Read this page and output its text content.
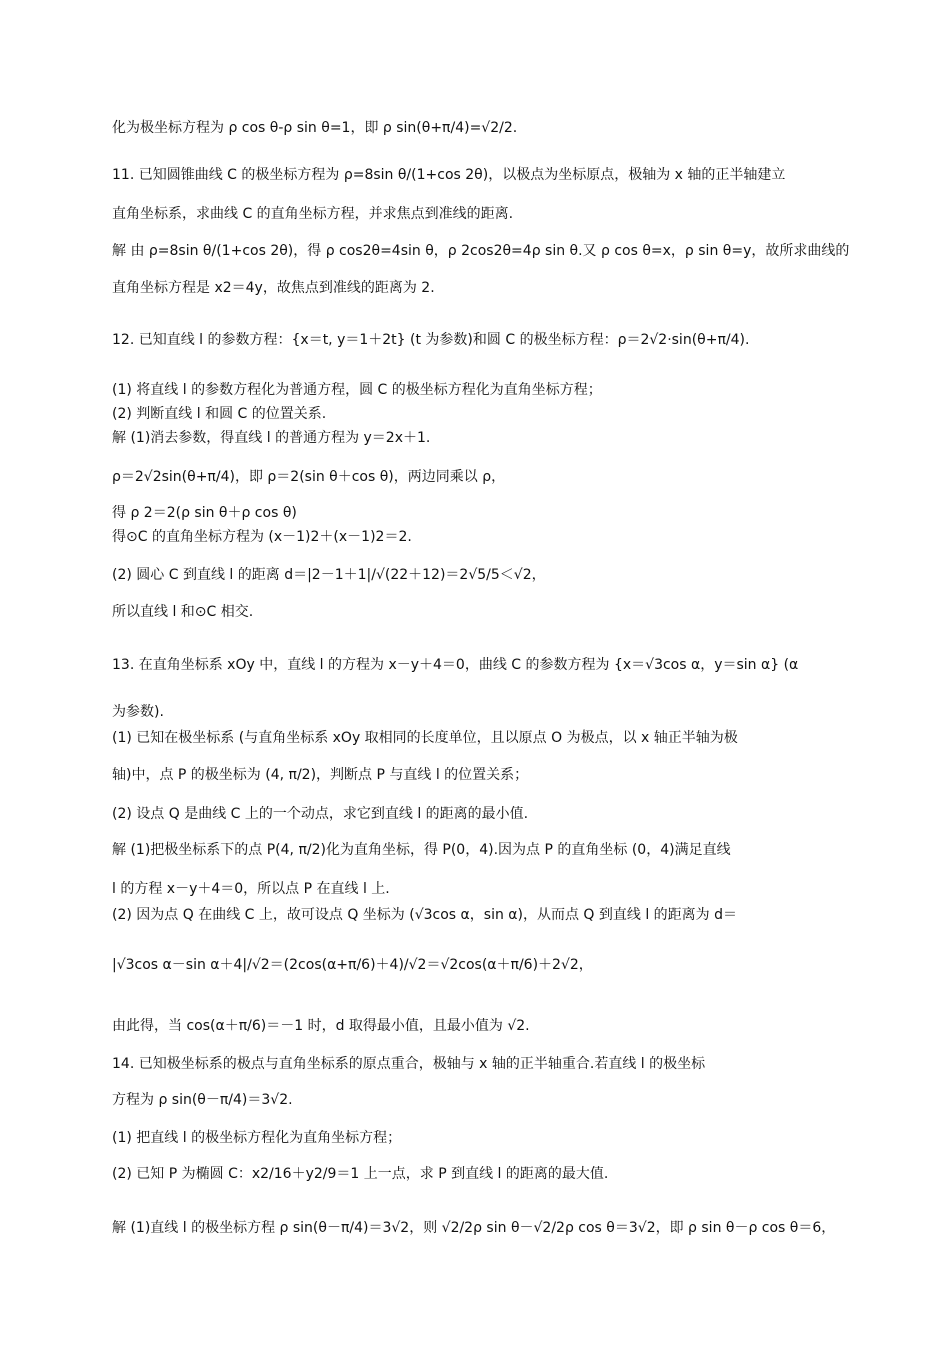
化为极坐标方程为 ρ cos θ-ρ sin θ=1，即 ρ sin(θ+π/4)=√2/2.
11. 已知圆锥曲线 C 的极坐标方程为 ρ=8sin θ/(1+cos 2θ)，以极点为坐标原点，极轴为 x 轴的正半轴建立
直角坐标系，求曲线 C 的直角坐标方程，并求焦点到准线的距离.
解 由 ρ=8sin θ/(1+cos 2θ)，得 ρ cos2θ=4sin θ，ρ 2cos2θ=4ρ sin θ.又 ρ cos θ=x，ρ sin θ=y，故所求曲线的
直角坐标方程是 x2＝4y，故焦点到准线的距离为 2.
12. 已知直线 l 的参数方程：{x＝t, y＝1＋2t} (t 为参数)和圆 C 的极坐标方程：ρ＝2√2·sin(θ+π/4).
(1) 将直线 l 的参数方程化为普通方程，圆 C 的极坐标方程化为直角坐标方程；
(2) 判断直线 l 和圆 C 的位置关系.
解 (1)消去参数，得直线 l 的普通方程为 y＝2x＋1.
ρ＝2√2sin(θ+π/4)，即 ρ＝2(sin θ＋cos θ)，两边同乘以 ρ，
得 ρ 2＝2(ρ sin θ＋ρ cos θ)
得⊙C 的直角坐标方程为 (x－1)2＋(x－1)2＝2.
(2) 圆心 C 到直线 l 的距离 d＝|2－1＋1|/√(22＋12)＝2√5/5＜√2，
所以直线 l 和⊙C 相交.
13. 在直角坐标系 xOy 中，直线 l 的方程为 x－y＋4＝0，曲线 C 的参数方程为 {x＝√3cos α，y＝sin α} (α
为参数).
(1) 已知在极坐标系 (与直角坐标系 xOy 取相同的长度单位，且以原点 O 为极点，以 x 轴正半轴为极
轴)中，点 P 的极坐标为 (4, π/2)，判断点 P 与直线 l 的位置关系；
(2) 设点 Q 是曲线 C 上的一个动点，求它到直线 l 的距离的最小值.
解 (1)把极坐标系下的点 P(4, π/2)化为直角坐标，得 P(0，4).因为点 P 的直角坐标 (0，4)满足直线
l 的方程 x－y＋4＝0，所以点 P 在直线 l 上.
(2) 因为点 Q 在曲线 C 上，故可设点 Q 坐标为 (√3cos α，sin α)，从而点 Q 到直线 l 的距离为 d＝
|√3cos α－sin α＋4|/√2＝(2cos(α+π/6)＋4)/√2＝√2cos(α＋π/6)＋2√2，
由此得，当 cos(α＋π/6)＝－1 时，d 取得最小值，且最小值为 √2.
14. 已知极坐标系的极点与直角坐标系的原点重合，极轴与 x 轴的正半轴重合.若直线 l 的极坐标
方程为 ρ sin(θ－π/4)＝3√2.
(1) 把直线 l 的极坐标方程化为直角坐标方程；
(2) 已知 P 为椭圆 C：x2/16＋y2/9＝1 上一点，求 P 到直线 l 的距离的最大值.
解 (1)直线 l 的极坐标方程 ρ sin(θ－π/4)＝3√2，则 √2/2ρ sin θ－√2/2ρ cos θ＝3√2，即 ρ sin θ－ρ cos θ＝6，
